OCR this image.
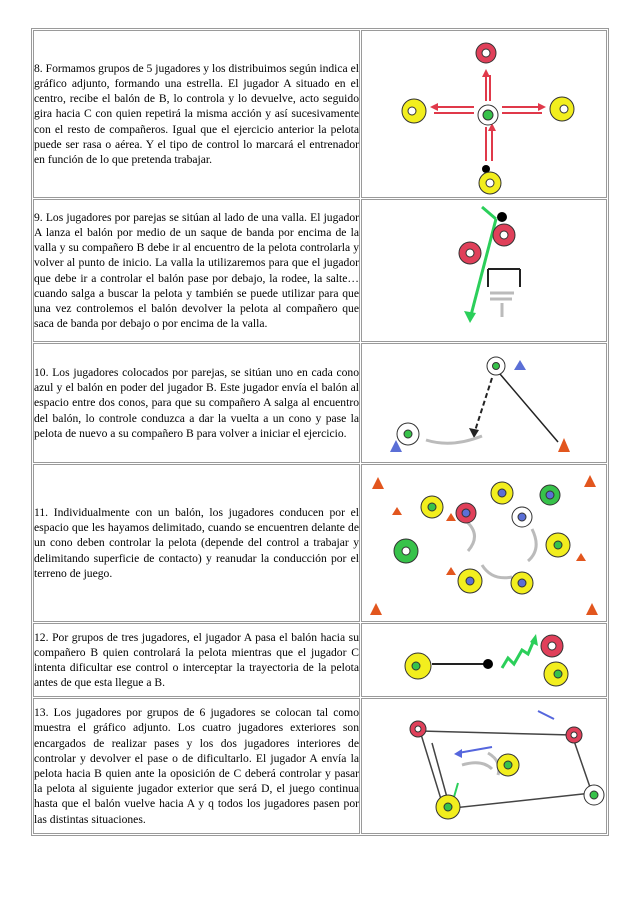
8. Formamos grupos de 5 jugadores y los distribuimos según indica el gráfico adjunto, formando una estrella. El jugador A situado en el centro, recibe el balón de B, lo controla y lo devuelve, acto seguido gira hacia C con quien repetirá la misma acción y así sucesivamente con el resto de compañeros. Igual que el ejercicio anterior la pelota puede ser rasa o aérea. Y el tipo de control lo marcará el entrenador en función de lo que pretenda trabajar.	

9. Los jugadores por parejas se sitúan al lado de una valla. El jugador A lanza el balón por medio de un saque de banda por encima de la valla y su compañero B debe ir al encuentro de la pelota controlarla y volver al punto de inicio. La valla la utilizaremos para que el jugador que debe ir a controlar el balón pase por debajo, la rodee, la salte… cuando salga a buscar la pelota y también se puede utilizar para que una vez controlemos el balón devolver la pelota al compañero que saca de banda por debajo o por encima de la valla.	

10. Los jugadores colocados por parejas, se sitúan uno en cada cono azul y el balón en poder del jugador B. Este jugador envía el balón al espacio entre dos conos, para que su compañero A salga al encuentro del balón, lo controle conduzca a dar la vuelta a un cono y pase la pelota de nuevo a su compañero B para volver a iniciar el ejercicio.	

11. Individualmente con un balón, los jugadores conducen por el espacio que les hayamos delimitado, cuando se encuentren delante de un cono deben controlar la pelota (depende del control a trabajar y delimitando superficie de contacto) y reanudar la conducción por el terreno de juego.	

12. Por grupos de tres jugadores, el jugador A pasa el balón hacia su compañero B quien controlará la pelota mientras que el jugador C intenta dificultar ese control o interceptar la trayectoria de la pelota antes de que esta llegue a B.	

13. Los jugadores por grupos de 6 jugadores se colocan tal como muestra el gráfico adjunto. Los cuatro jugadores exteriores son encargados de realizar pases y los dos jugadores interiores de controlar y devolver el pase o de dificultarlo. El jugador A envía la pelota hacia B quien ante la oposición de C deberá controlar y pasar la pelota al siguiente jugador exterior que será D, el juego continua hasta que el balón vuelve hacia A y q todos los jugadores pasen por las distintas situaciones.	
